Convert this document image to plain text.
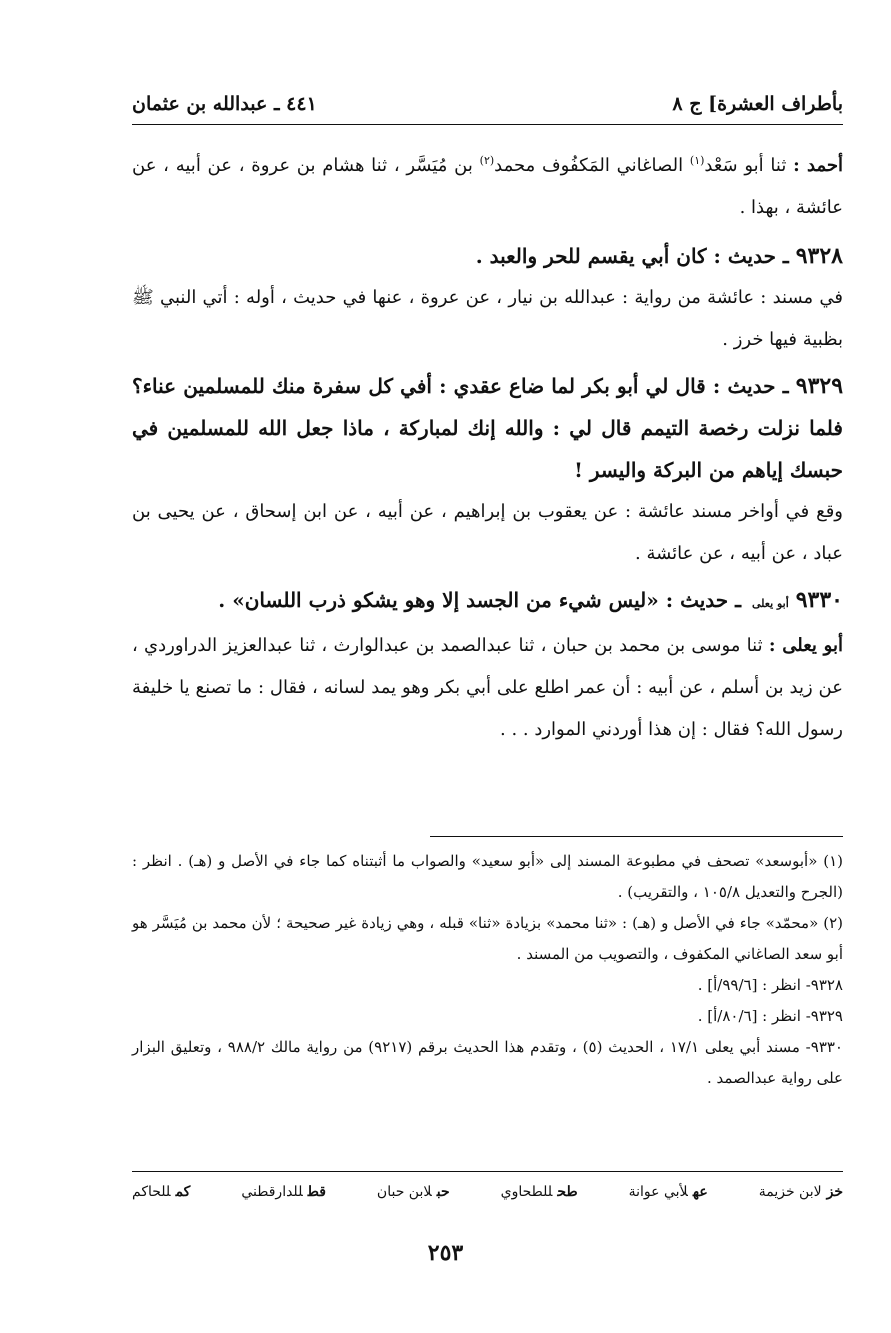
بأطراف العشرة] ج ٨
٤٤١ ـ عبدالله بن عثمان
أحمد : ثنا أبو سَعْد$^{(١)}$ الصاغاني المَكفُوف محمد$^{(٢)}$ بن مُيَسَّر ، ثنا هشام بن عروة ، عن أبيه ، عن عائشة ، بهذا .
٩٣٢٨ ـ حديث : كان أبي يقسم للحر والعبد .
في مسند : عائشة من رواية : عبدالله بن نيار ، عن عروة ، عنها في حديث ، أوله : أتي النبي ﷺ بظبية فيها خرز .
٩٣٢٩ ـ حديث : قال لي أبو بكر لما ضاع عقدي : أفي كل سفرة منك للمسلمين عناء؟ فلما نزلت رخصة التيمم قال لي : والله إنك لمباركة ، ماذا جعل الله للمسلمين في حبسك إياهم من البركة واليسر !
وقع في أواخر مسند عائشة : عن يعقوب بن إبراهيم ، عن أبيه ، عن ابن إسحاق ، عن يحيى بن عباد ، عن أبيه ، عن عائشة .
٩٣٣٠ أبو يعلى ـ حديث : «ليس شيء من الجسد إلا وهو يشكو ذرب اللسان» .
أبو يعلى : ثنا موسى بن محمد بن حبان ، ثنا عبدالصمد بن عبدالوارث ، ثنا عبدالعزيز الدراوردي ، عن زيد بن أسلم ، عن أبيه : أن عمر اطلع على أبي بكر وهو يمد لسانه ، فقال : ما تصنع يا خليفة رسول الله؟ فقال : إن هذا أوردني الموارد . . .
(١) «أبوسعد» تصحف في مطبوعة المسند إلى «أبو سعيد» والصواب ما أثبتناه كما جاء في الأصل و (هـ) . انظر : (الجرح والتعديل ١٠٥/٨ ، والتقريب) .
(٢) «محمّد» جاء في الأصل و (هـ) : «ثنا محمد» بزيادة «ثنا» قبله ، وهي زيادة غير صحيحة ؛ لأن محمد بن مُيَسَّر هو أبو سعد الصاغاني المكفوف ، والتصويب من المسند .
٩٣٢٨- انظر : [٩٩/٦/أ] .
٩٣٢٩- انظر : [٨٠/٦/أ] .
٩٣٣٠- مسند أبي يعلى ١٧/١ ، الحديث (٥) ، وتقدم هذا الحديث برقم (٩٢١٧) من رواية مالك ٩٨٨/٢ ، وتعليق البزار على رواية عبدالصمد .
خزلابن خزيمة
عهلأبي عوانة
طحللطحاوي
حبلابن حبان
قطللدارقطني
كمللحاكم
٢٥٣
